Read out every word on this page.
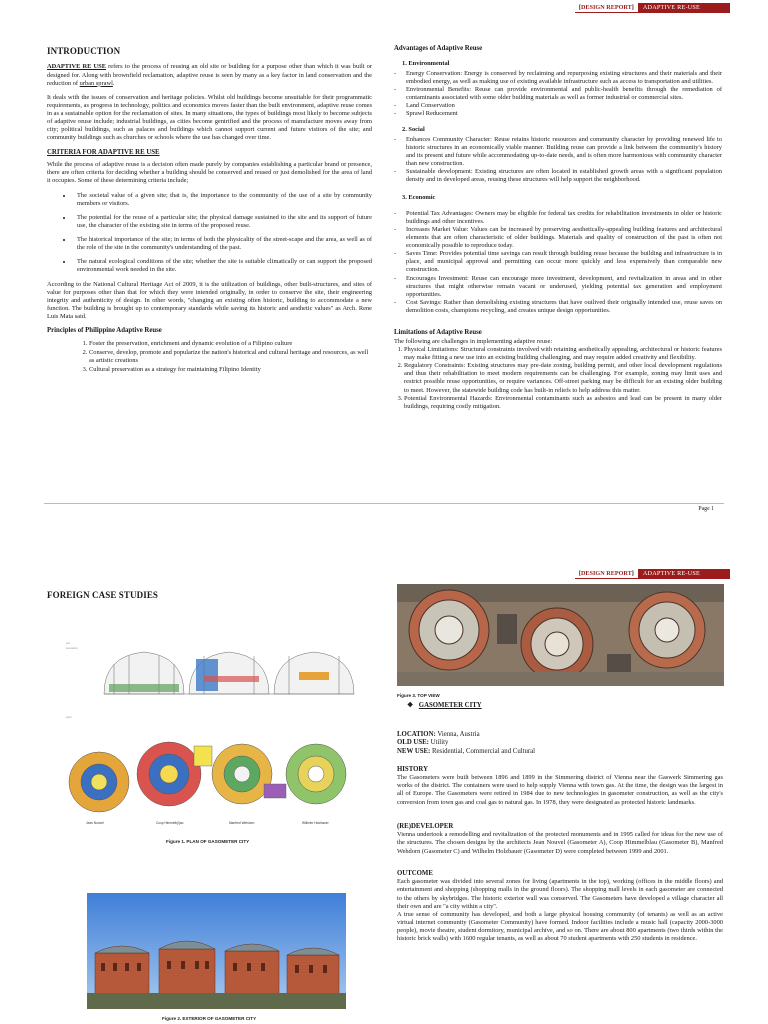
[DESIGN REPORT]	ADAPTIVE RE-USE
INTRODUCTION

ADAPTIVE RE USE refers to the process of reusing an old site or building for a purpose other than which it was built or designed for. Along with brownfield reclamation, adaptive reuse is seen by many as a key factor in land conservation and the reduction of urban sprawl.

It deals with the issues of conservation and heritage policies. Whilst old buildings become unsuitable for their programmatic requirements, as progress in technology, politics and economics moves faster than the built environment, adaptive reuse comes in as a sustainable option for the reclamation of sites. In many situations, the types of buildings most likely to become subjects of adaptive reuse include; industrial buildings, as cities become gentrified and the process of manufacture moves away from city; political buildings, such as palaces and buildings which cannot support current and future visitors of the site; and community buildings such as churches or schools where the use has changed over time.

CRITERIA FOR ADAPTIVE RE USE

While the process of adaptive reuse is a decision often made purely by companies establishing a particular brand or presence, there are often criteria for deciding whether a building should be conserved and reused or just demolished for the area of land it occupies. Some of these determining criteria include;

• The societal value of a given site; that is, the importance to the community of the use of a site by community members or visitors.
• The potential for the reuse of a particular site; the physical damage sustained to the site and its support of future use, the character of the existing site in terms of the proposed reuse.
• The historical importance of the site; in terms of both the physicality of the street-scape and the area, as well as of the role of the site in the community's understanding of the past.
• The natural ecological conditions of the site; whether the site is suitable climatically or can support the proposed environmental work needed in the site.

According to the National Cultural Heritage Act of 2009, it is the utilization of buildings, other built-structures, and sites of value for purposes other than that for which they were intended originally, in order to conserve the site, their engineering integrity and authenticity of design. In other words, "changing an existing often historic, building to accommodate a new function. The building is brought up to contemporary standards while saving its historic and aesthetic values" as Arch. Rene Luis Mata said.

Principles of Philippine Adaptive Reuse
1. Foster the preservation, enrichment and dynamic evolution of a Filipino culture
2. Conserve, develop, promote and popularize the nation's historical and cultural heritage and resources, as well as artistic creations
3. Cultural preservation as a strategy for maintaining Filipino Identity
Advantages of Adaptive Reuse
1. Environmental
- Energy Conservation: Energy is conserved by reclaiming and repurposing existing structures and their materials and their embodied energy, as well as making use of existing available infrastructure such as access to transportation and utilities.
- Environmental Benefits: Reuse can provide environmental and public-health benefits through the remediation of contaminants associated with some older building materials as well as former industrial or commercial sites.
- Land Conservation
- Sprawl Reducement
2. Social
- Enhances Community Character: Reuse retains historic resources and community character by providing renewed life to historic structures in an economically viable manner. Building reuse can provide a link between the community's history and its present and future while accommodating up-to-date needs, and is often more harmonious with community character than new construction.
- Sustainable development: Existing structures are often located in established growth areas with a significant population density and in developed areas, reusing these structures will help support the neighborhood.
3. Economic
- Potential Tax Advantages: Owners may be eligible for federal tax credits for rehabilitation investments in older or historic buildings and other incentives.
- Increases Market Value: Values can be increased by preserving aesthetically-appealing building features and architectural elements that are often characteristic of older buildings. Materials and quality of construction of the past is often not economically possible to reproduce today.
- Saves Time: Provides potential time savings can result through building reuse because the building and infrastructure is in place, and municipal approval and permitting can occur more quickly and less expensively than comparable new construction.
- Encourages Investment: Reuse can encourage more investment, development, and revitalization in areas and in other structures that might otherwise remain vacant or underused, yielding potential tax generation and employment opportunities.
- Cost Savings: Rather than demolishing existing structures that have outlived their originally intended use, reuse saves on demolition costs, champions recycling, and creates unique design opportunities.
Limitations of Adaptive Reuse
The following are challenges in implementing adaptive reuse:
1. Physical Limitations: Structural constraints involved with retaining aesthetically appealing, architectural or historic features may make fitting a new use into an existing building challenging, and may require added creativity and flexibility.
2. Regulatory Constraints: Existing structures may pre-date zoning, building permit, and other local development regulations and thus their rehabilitation to meet modern requirements can be challenging. For example, zoning may limit uses and restrict possible reuse opportunities, or require variances. Off-street parking may be difficult for an existing older building to meet. However, the statewide building code has built-in reliefs to help address this matter.
3. Potential Environmental Hazards: Environmental contaminants such as asbestos and lead can be present in many older buildings, requiring costly mitigation.
Page 1
[DESIGN REPORT]	ADAPTIVE RE-USE
FOREIGN CASE STUDIES
cut
elevation
plan
Jean Nouvel	Coop Himmelb(l)au	Manfred Wehdorn	Wilhelm Holzbauer
Figure 1. PLAN OF GASOMETER CITY
Figure 2. EXTERIOR OF GASOMETER CITY
Figure 3. TOP VIEW
❖ GASOMETER CITY
LOCATION: Vienna, Austria
OLD USE: Utility
NEW USE: Residential, Commercial and Cultural
HISTORY

The Gasometers were built between 1896 and 1899 in the Simmering district of Vienna near the Gaswerk Simmering gas works of the district. The containers were used to help supply Vienna with town gas. At the time, the design was the largest in all of Europe. The Gasometers were retired in 1984 due to new technologies in gasometer construction, as well as the city's conversion from town gas and coal gas to natural gas. In 1978, they were designated as protected historic landmarks.

(RE)DEVELOPER

Vienna undertook a remodelling and revitalization of the protected monuments and in 1995 called for ideas for the new use of the structures. The chosen designs by the architects Jean Nouvel (Gasometer A), Coop Himmelblau (Gasometer B), Manfred Wehdorn (Gasometer C) and Wilhelm Holzbauer (Gasometer D) were completed between 1999 and 2001.

OUTCOME

Each gasometer was divided into several zones for living (apartments in the top), working (offices in the middle floors) and entertainment and shopping (shopping malls in the ground floors). The shopping mall levels in each gasometer are connected to the others by skybridges. The historic exterior wall was conserved. The Gasometers have developed a village character all their own and are "a city within a city".

A true sense of community has developed, and both a large physical housing community (of tenants) as well as an active virtual internet community (Gasometer Community) have formed. Indoor facilities include a music hall (capacity 2000-3000 people), movie theatre, student dormitory, municipal archive, and so on. There are about 800 apartments (two thirds within the historic brick walls) with 1600 regular tenants, as well as about 70 student apartments with 250 students in residence.
